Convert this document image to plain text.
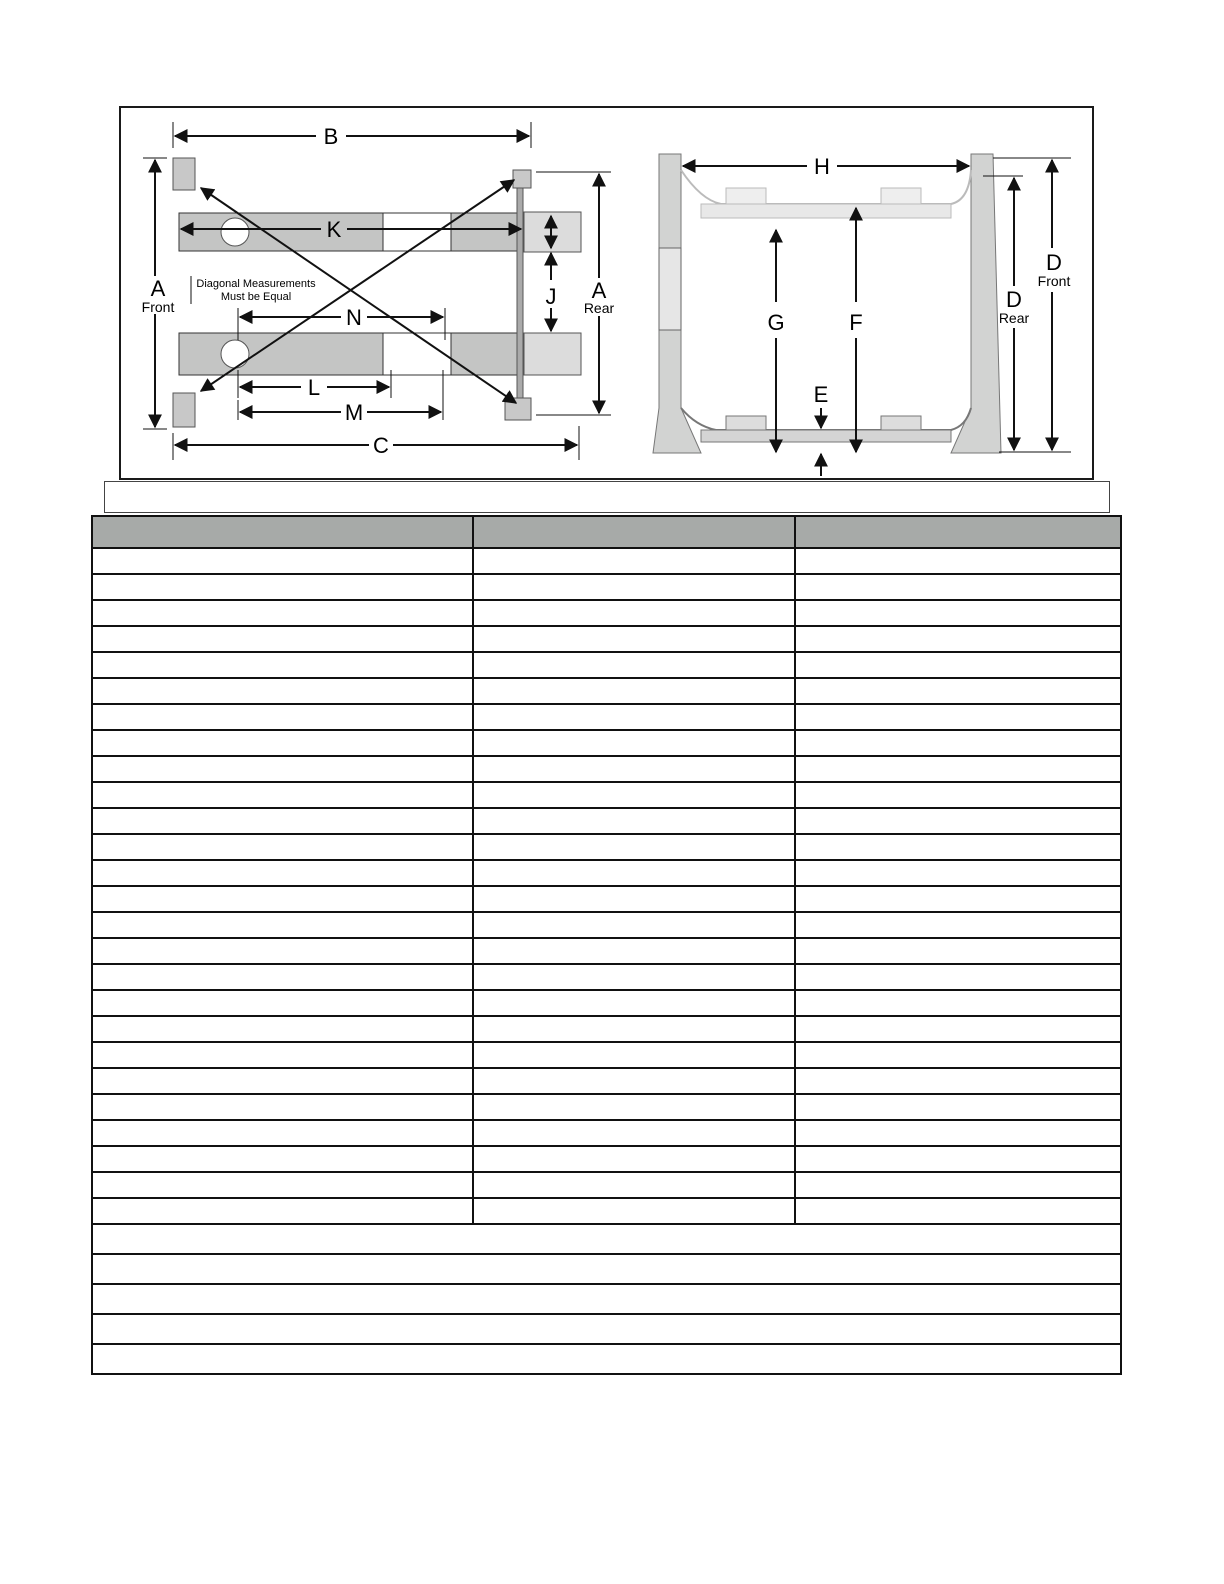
B
C
A
Front
A
Rear
K
J
Diagonal Measurements
Must be Equal
N
L
M
H
G	F
E
D
Rear
D
Front
